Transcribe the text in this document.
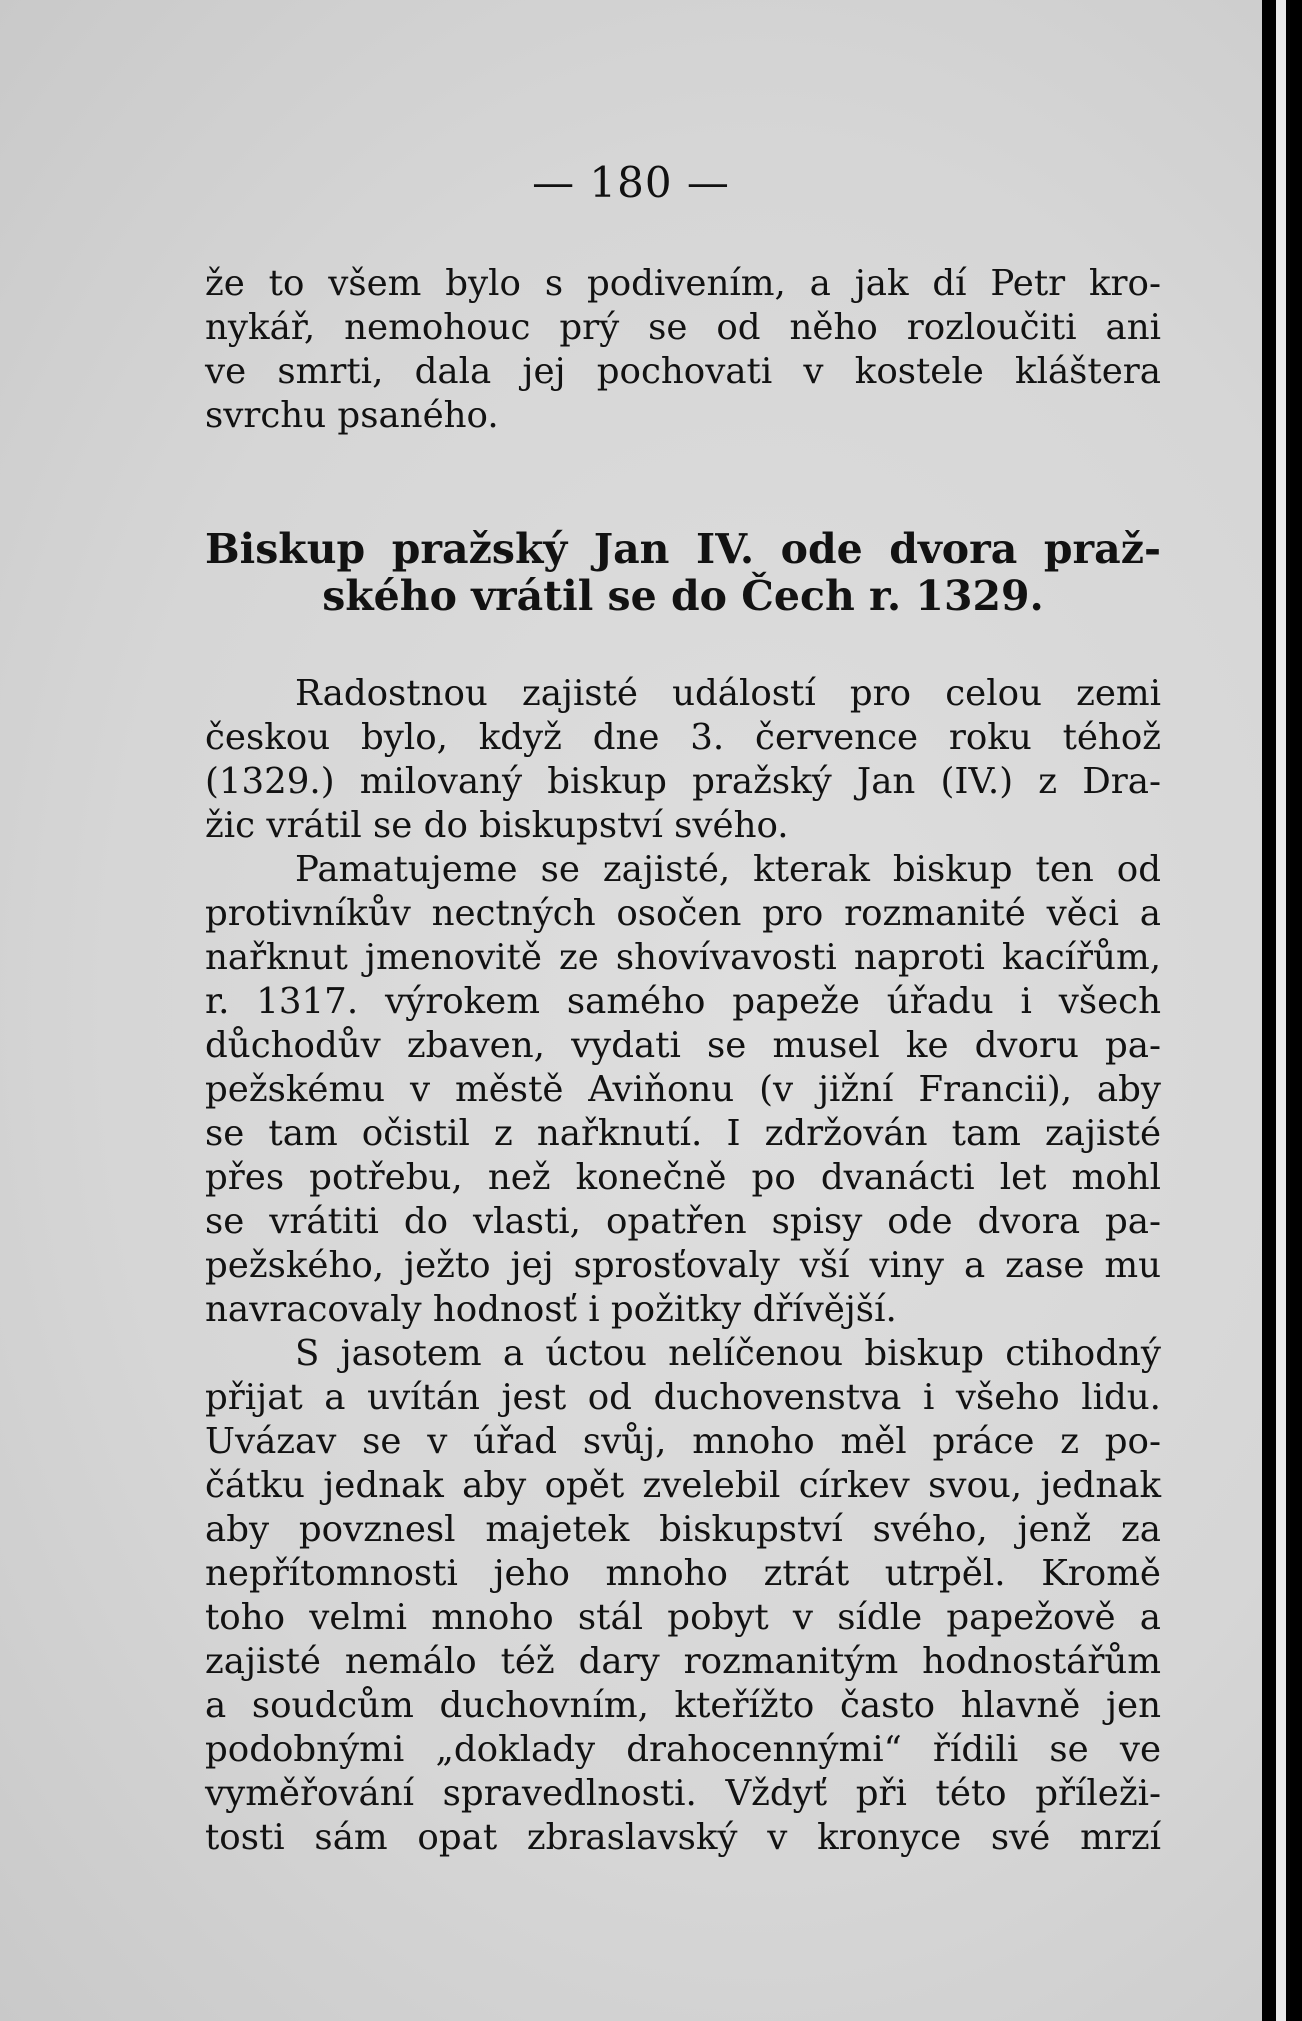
— 180 —
že to všem bylo s podivením, a jak dí Petr kro-
nykář, nemohouc prý se od něho rozloučiti ani
ve smrti, dala jej pochovati v kostele kláštera
svrchu psaného.
Biskup pražský Jan IV. ode dvora praž-
ského vrátil se do Čech r. 1329.
Radostnou zajisté událostí pro celou zemi
českou bylo, když dne 3. července roku téhož
(1329.) milovaný biskup pražský Jan (IV.) z Dra-
žic vrátil se do biskupství svého.
Pamatujeme se zajisté, kterak biskup ten od
protivníkův nectných osočen pro rozmanité věci a
nařknut jmenovitě ze shovívavosti naproti kacířům,
r. 1317. výrokem samého papeže úřadu i všech
důchodův zbaven, vydati se musel ke dvoru pa-
pežskému v městě Aviňonu (v jižní Francii), aby
se tam očistil z nařknutí. I zdržován tam zajisté
přes potřebu, než konečně po dvanácti let mohl
se vrátiti do vlasti, opatřen spisy ode dvora pa-
pežského, ježto jej sprosťovaly vší viny a zase mu
navracovaly hodnosť i požitky dřívější.
S jasotem a úctou nelíčenou biskup ctihodný
přijat a uvítán jest od duchovenstva i všeho lidu.
Uvázav se v úřad svůj, mnoho měl práce z po-
čátku jednak aby opět zvelebil církev svou, jednak
aby povznesl majetek biskupství svého, jenž za
nepřítomnosti jeho mnoho ztrát utrpěl. Kromě
toho velmi mnoho stál pobyt v sídle papežově a
zajisté nemálo též dary rozmanitým hodnostářům
a soudcům duchovním, kteřížto často hlavně jen
podobnými „doklady drahocennými“ řídili se ve
vyměřování spravedlnosti. Vždyť při této příleži-
tosti sám opat zbraslavský v kronyce své mrzí
